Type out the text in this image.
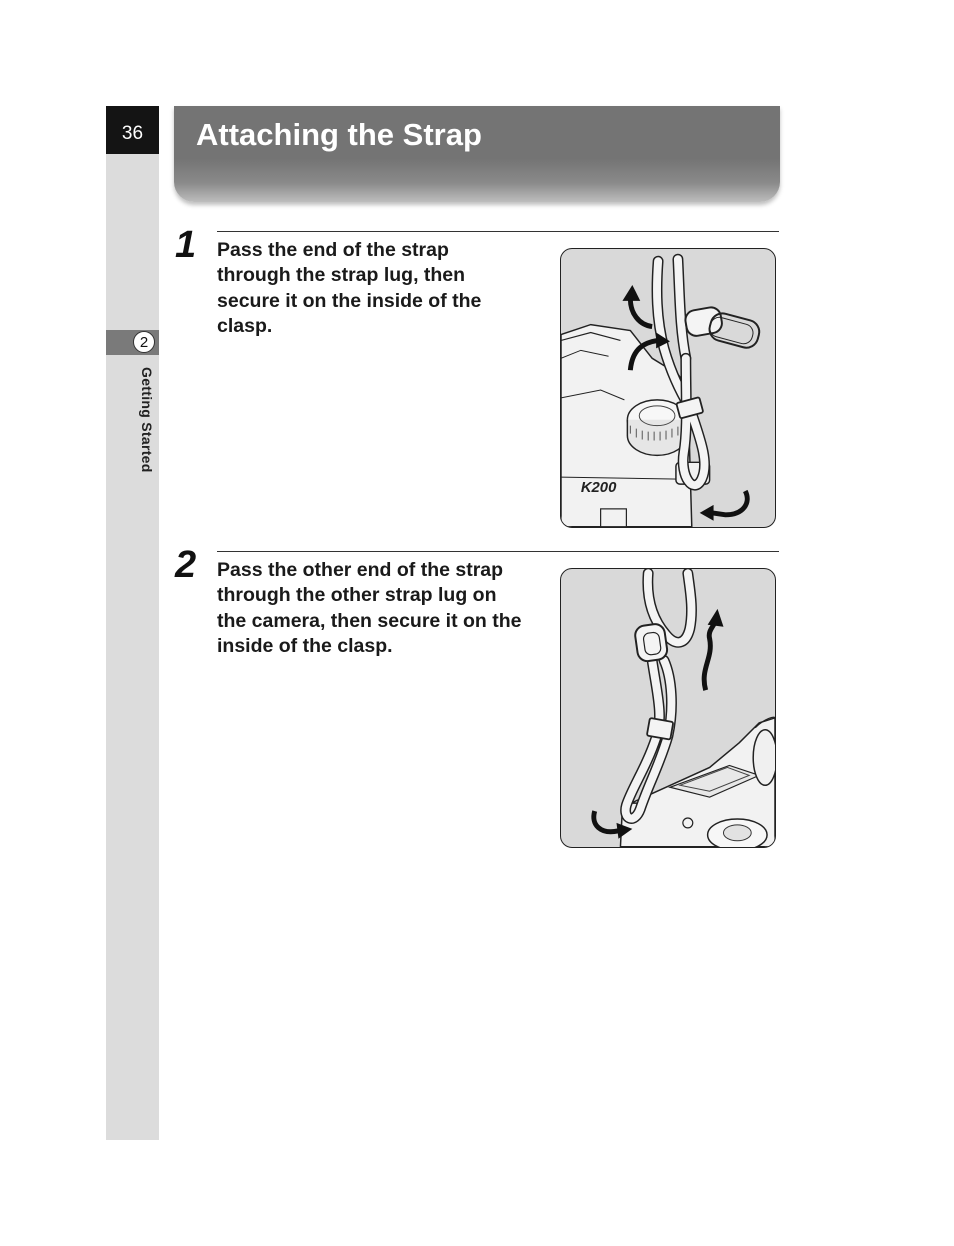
36
2
Getting Started
Attaching the Strap
1	Pass the end of the strap through the strap lug, then secure it on the inside of the clasp.

K200
2	Pass the other end of the strap through the other strap lug on the camera, then secure it on the inside of the clasp.
